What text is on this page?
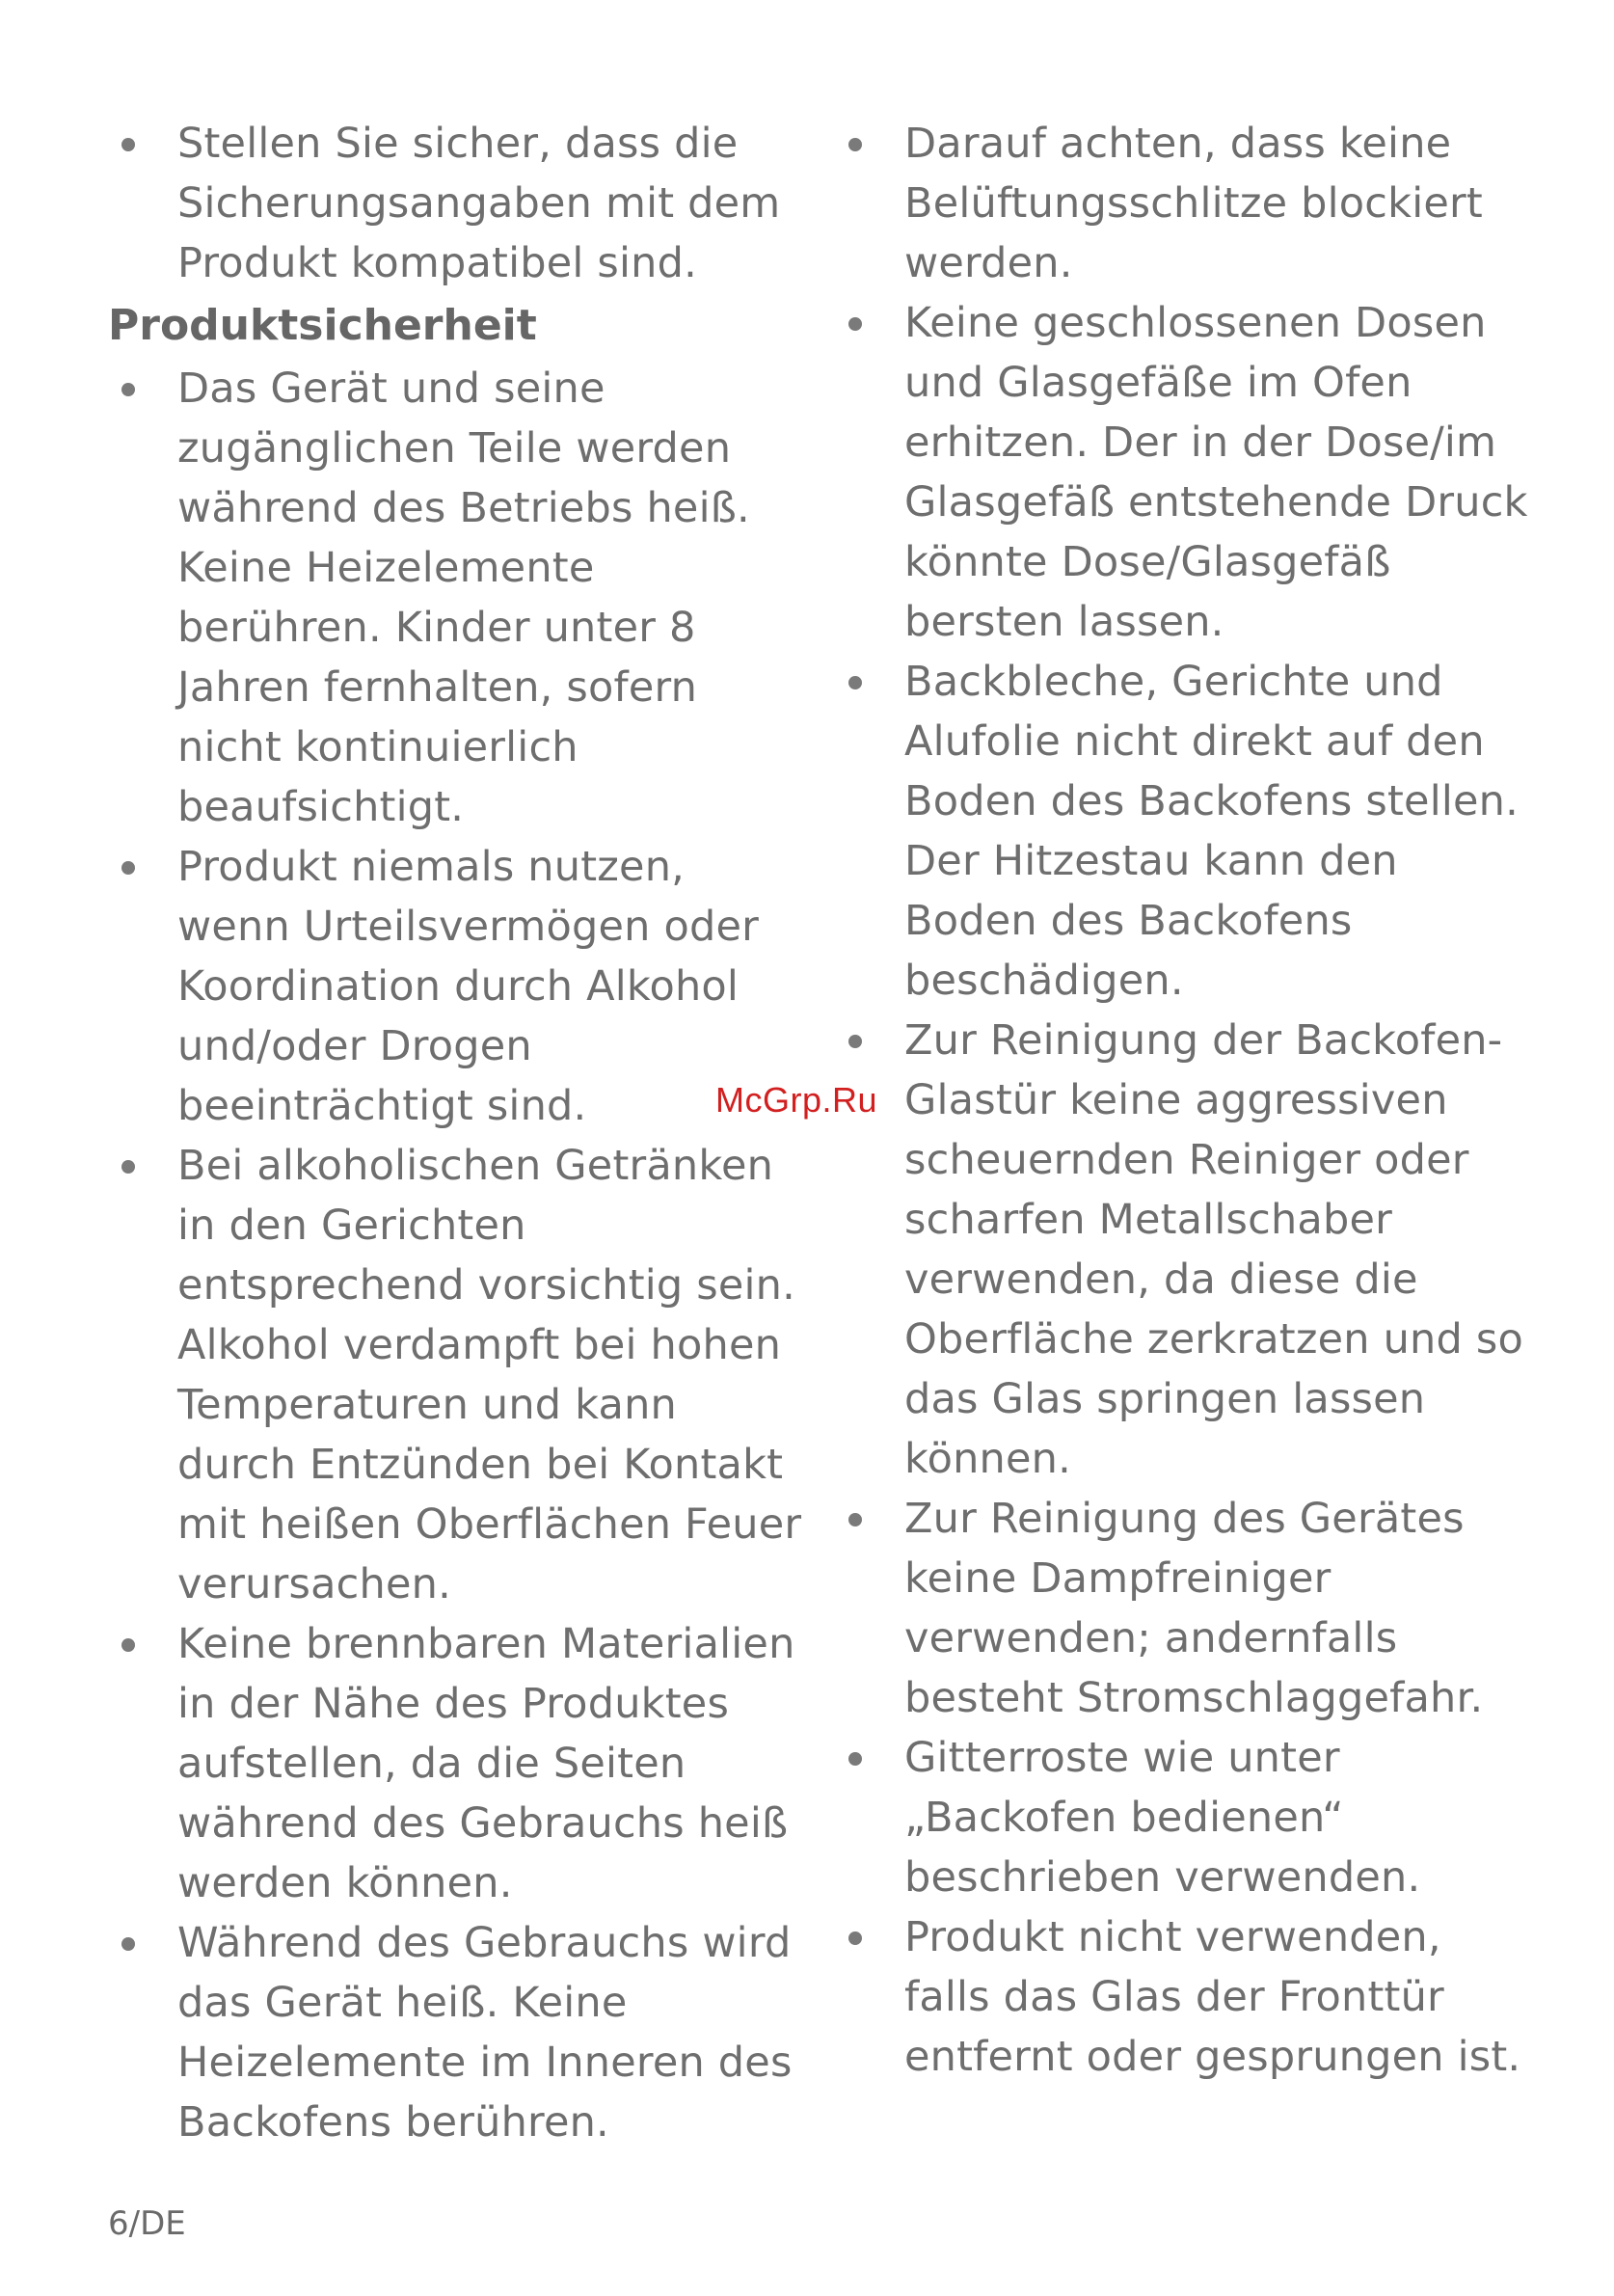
Stellen Sie sicher, dass die Sicherungsangaben mit dem Produkt kompatibel sind.
Produktsicherheit
Das Gerät und seine zugänglichen Teile werden während des Betriebs heiß. Keine Heizelemente berühren. Kinder unter 8 Jahren fernhalten, sofern nicht kontinuierlich beaufsichtigt.
Produkt niemals nutzen, wenn Urteilsvermögen oder Koordination durch Alkohol und/oder Drogen beeinträchtigt sind.
Bei alkoholischen Getränken in den Gerichten entsprechend vorsichtig sein. Alkohol verdampft bei hohen Temperaturen und kann durch Entzünden bei Kontakt mit heißen Oberflächen Feuer verursachen.
Keine brennbaren Materialien in der Nähe des Produktes aufstellen, da die Seiten während des Gebrauchs heiß werden können.
Während des Gebrauchs wird das Gerät heiß. Keine Heizelemente im Inneren des Backofens berühren.
Darauf achten, dass keine Belüftungsschlitze blockiert werden.
Keine geschlossenen Dosen und Glasgefäße im Ofen erhitzen. Der in der Dose/im Glasgefäß entstehende Druck könnte Dose/Glasgefäß bersten lassen.
Backbleche, Gerichte und Alufolie nicht direkt auf den Boden des Backofens stellen. Der Hitzestau kann den Boden des Backofens beschädigen.
Zur Reinigung der Backofen-Glastür keine aggressiven scheuernden Reiniger oder scharfen Metallschaber verwenden, da diese die Oberfläche zerkratzen und so das Glas springen lassen können.
Zur Reinigung des Gerätes keine Dampfreiniger verwenden; andernfalls besteht Stromschlaggefahr.
Gitterroste wie unter „Backofen bedienen“ beschrieben verwenden.
Produkt nicht verwenden, falls das Glas der Fronttür entfernt oder gesprungen ist.
McGrp.Ru
6/DE
